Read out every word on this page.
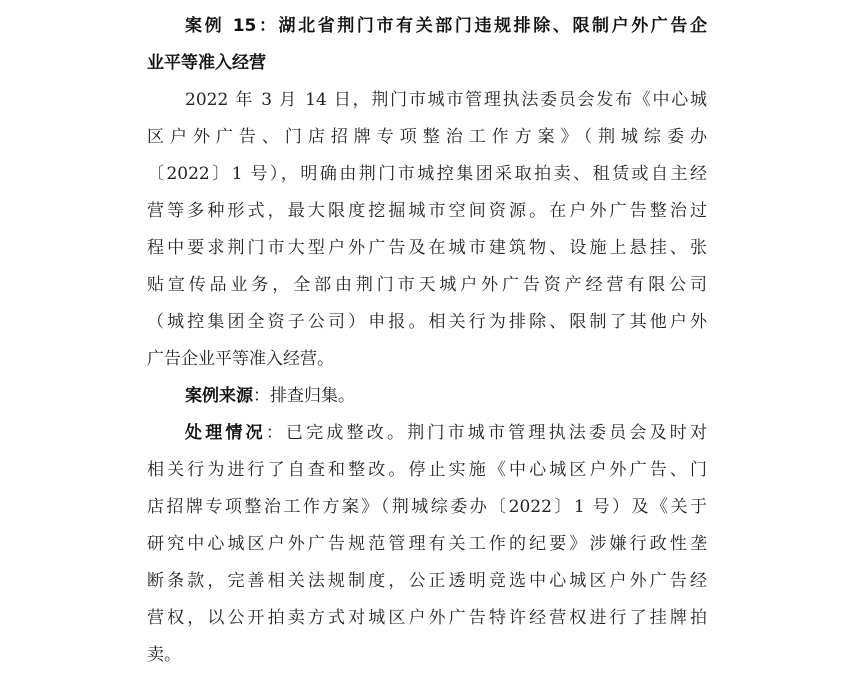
案例 15：湖北省荆门市有关部门违规排除、限制户外广告企
业平等准入经营
2022 年 3 月 14 日，荆门市城市管理执法委员会发布《中心城
区户外广告、门店招牌专项整治工作方案》（荆城综委办
〔2022〕1 号），明确由荆门市城控集团采取拍卖、租赁或自主经
营等多种形式，最大限度挖掘城市空间资源。在户外广告整治过
程中要求荆门市大型户外广告及在城市建筑物、设施上悬挂、张
贴宣传品业务，全部由荆门市天城户外广告资产经营有限公司
（城控集团全资子公司）申报。相关行为排除、限制了其他户外
广告企业平等准入经营。
案例来源：排查归集。
处理情况：已完成整改。荆门市城市管理执法委员会及时对
相关行为进行了自查和整改。停止实施《中心城区户外广告、门
店招牌专项整治工作方案》（荆城综委办〔2022〕1 号）及《关于
研究中心城区户外广告规范管理有关工作的纪要》涉嫌行政性垄
断条款，完善相关法规制度，公正透明竞选中心城区户外广告经
营权，以公开拍卖方式对城区户外广告特许经营权进行了挂牌拍
卖。
